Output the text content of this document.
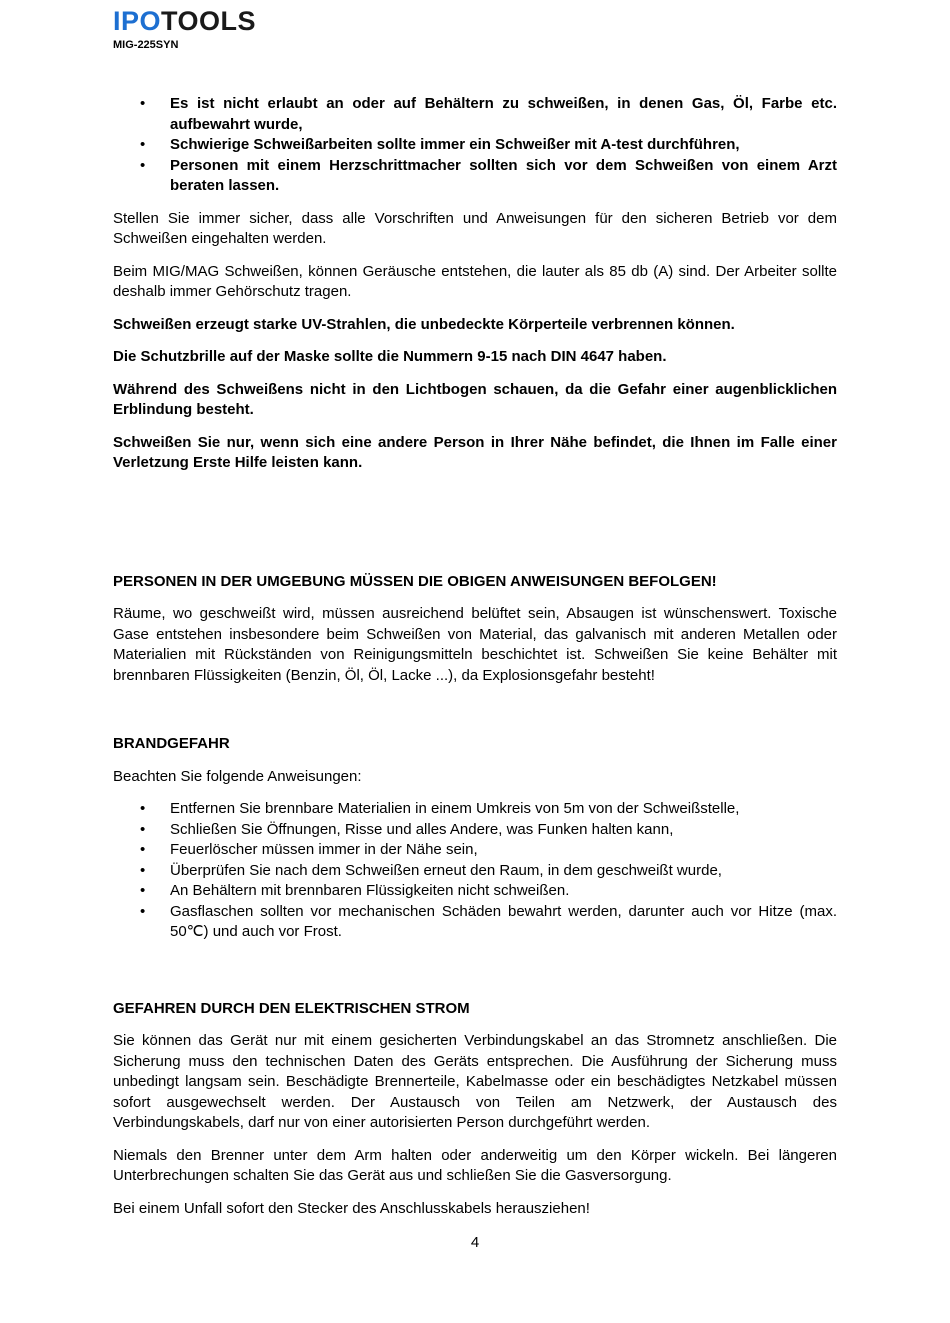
IPOTOOLS
MIG-225SYN
• Es ist nicht erlaubt an oder auf Behältern zu schweißen, in denen Gas, Öl, Farbe etc. aufbewahrt wurde,
• Schwierige Schweißarbeiten sollte immer ein Schweißer mit A-test durchführen,
• Personen mit einem Herzschrittmacher sollten sich vor dem Schweißen von einem Arzt beraten lassen.

Stellen Sie immer sicher, dass alle Vorschriften und Anweisungen für den sicheren Betrieb vor dem Schweißen eingehalten werden.

Beim MIG/MAG Schweißen, können Geräusche entstehen, die lauter als 85 db (A) sind. Der Arbeiter sollte deshalb immer Gehörschutz tragen.

Schweißen erzeugt starke UV-Strahlen, die unbedeckte Körperteile verbrennen können.

Die Schutzbrille auf der Maske sollte die Nummern 9-15 nach DIN 4647 haben.

Während des Schweißens nicht in den Lichtbogen schauen, da die Gefahr einer augenblicklichen Erblindung besteht.

Schweißen Sie nur, wenn sich eine andere Person in Ihrer Nähe befindet, die Ihnen im Falle einer Verletzung Erste Hilfe leisten kann.

PERSONEN IN DER UMGEBUNG MÜSSEN DIE OBIGEN ANWEISUNGEN BEFOLGEN!

Räume, wo geschweißt wird, müssen ausreichend belüftet sein, Absaugen ist wünschenswert. Toxische Gase entstehen insbesondere beim Schweißen von Material, das galvanisch mit anderen Metallen oder Materialien mit Rückständen von Reinigungsmitteln beschichtet ist. Schweißen Sie keine Behälter mit brennbaren Flüssigkeiten (Benzin, Öl, Öl, Lacke ...), da Explosionsgefahr besteht!

BRANDGEFAHR

Beachten Sie folgende Anweisungen:

• Entfernen Sie brennbare Materialien in einem Umkreis von 5m von der Schweißstelle,
• Schließen Sie Öffnungen, Risse und alles Andere, was Funken halten kann,
• Feuerlöscher müssen immer in der Nähe sein,
• Überprüfen Sie nach dem Schweißen erneut den Raum, in dem geschweißt wurde,
• An Behältern mit brennbaren Flüssigkeiten nicht schweißen.
• Gasflaschen sollten vor mechanischen Schäden bewahrt werden, darunter auch vor Hitze (max. 50℃) und auch vor Frost.
GEFAHREN DURCH DEN ELEKTRISCHEN STROM

Sie können das Gerät nur mit einem gesicherten Verbindungskabel an das Stromnetz anschließen. Die Sicherung muss den technischen Daten des Geräts entsprechen. Die Ausführung der Sicherung muss unbedingt langsam sein. Beschädigte Brennerteile, Kabelmasse oder ein beschädigtes Netzkabel müssen sofort ausgewechselt werden. Der Austausch von Teilen am Netzwerk, der Austausch des Verbindungskabels, darf nur von einer autorisierten Person durchgeführt werden.

Niemals den Brenner unter dem Arm halten oder anderweitig um den Körper wickeln. Bei längeren Unterbrechungen schalten Sie das Gerät aus und schließen Sie die Gasversorgung.

Bei einem Unfall sofort den Stecker des Anschlusskabels herausziehen!

4
